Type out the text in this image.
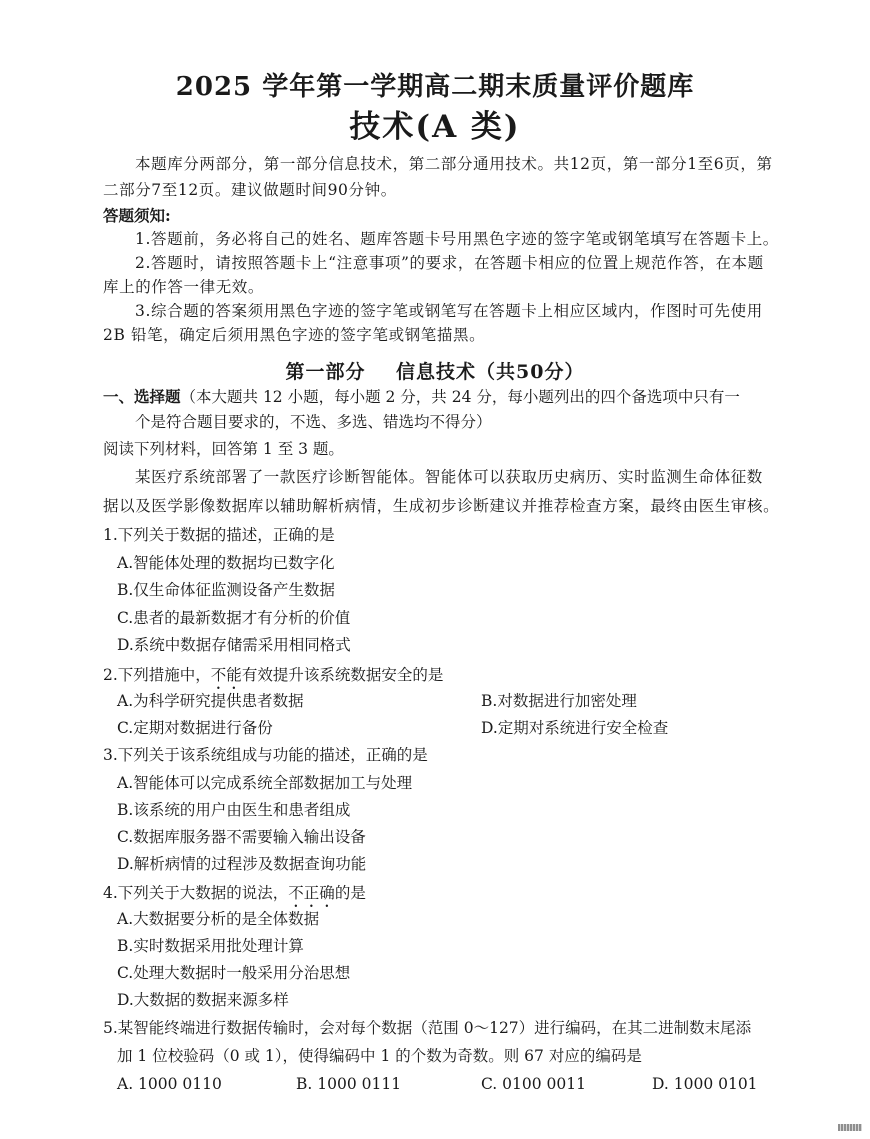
2025 学年第一学期高二期末质量评价题库
技术(A 类)
本题库分两部分，第一部分信息技术，第二部分通用技术。共12页，第一部分1至6页，第
二部分7至12页。建议做题时间90分钟。
答题须知:
1.答题前，务必将自己的姓名、题库答题卡号用黑色字迹的签字笔或钢笔填写在答题卡上。
2.答题时，请按照答题卡上“注意事项”的要求，在答题卡相应的位置上规范作答，在本题
库上的作答一律无效。
3.综合题的答案须用黑色字迹的签字笔或钢笔写在答题卡上相应区域内，作图时可先使用
2B 铅笔，确定后须用黑色字迹的签字笔或钢笔描黑。
第一部分    信息技术（共50分）
一、选择题（本大题共 12 小题，每小题 2 分，共 24 分，每小题列出的四个备选项中只有一
个是符合题目要求的，不选、多选、错选均不得分）
阅读下列材料，回答第 1 至 3 题。
某医疗系统部署了一款医疗诊断智能体。智能体可以获取历史病历、实时监测生命体征数
据以及医学影像数据库以辅助解析病情，生成初步诊断建议并推荐检查方案，最终由医生审核。
1.下列关于数据的描述，正确的是
A.智能体处理的数据均已数字化
B.仅生命体征监测设备产生数据
C.患者的最新数据才有分析的价值
D.系统中数据存储需采用相同格式
2.下列措施中，不能有效提升该系统数据安全的是
A.为科学研究提供患者数据	B.对数据进行加密处理
C.定期对数据进行备份	D.定期对系统进行安全检查
3.下列关于该系统组成与功能的描述，正确的是
A.智能体可以完成系统全部数据加工与处理
B.该系统的用户由医生和患者组成
C.数据库服务器不需要输入输出设备
D.解析病情的过程涉及数据查询功能
4.下列关于大数据的说法，不正确的是
A.大数据要分析的是全体数据
B.实时数据采用批处理计算
C.处理大数据时一般采用分治思想
D.大数据的数据来源多样
5.某智能终端进行数据传输时，会对每个数据（范围 0～127）进行编码，在其二进制数末尾添
加 1 位校验码（0 或 1），使得编码中 1 的个数为奇数。则 67 对应的编码是
A. 1000 0110	B. 1000 0111	C. 0100 0011	D. 1000 0101
